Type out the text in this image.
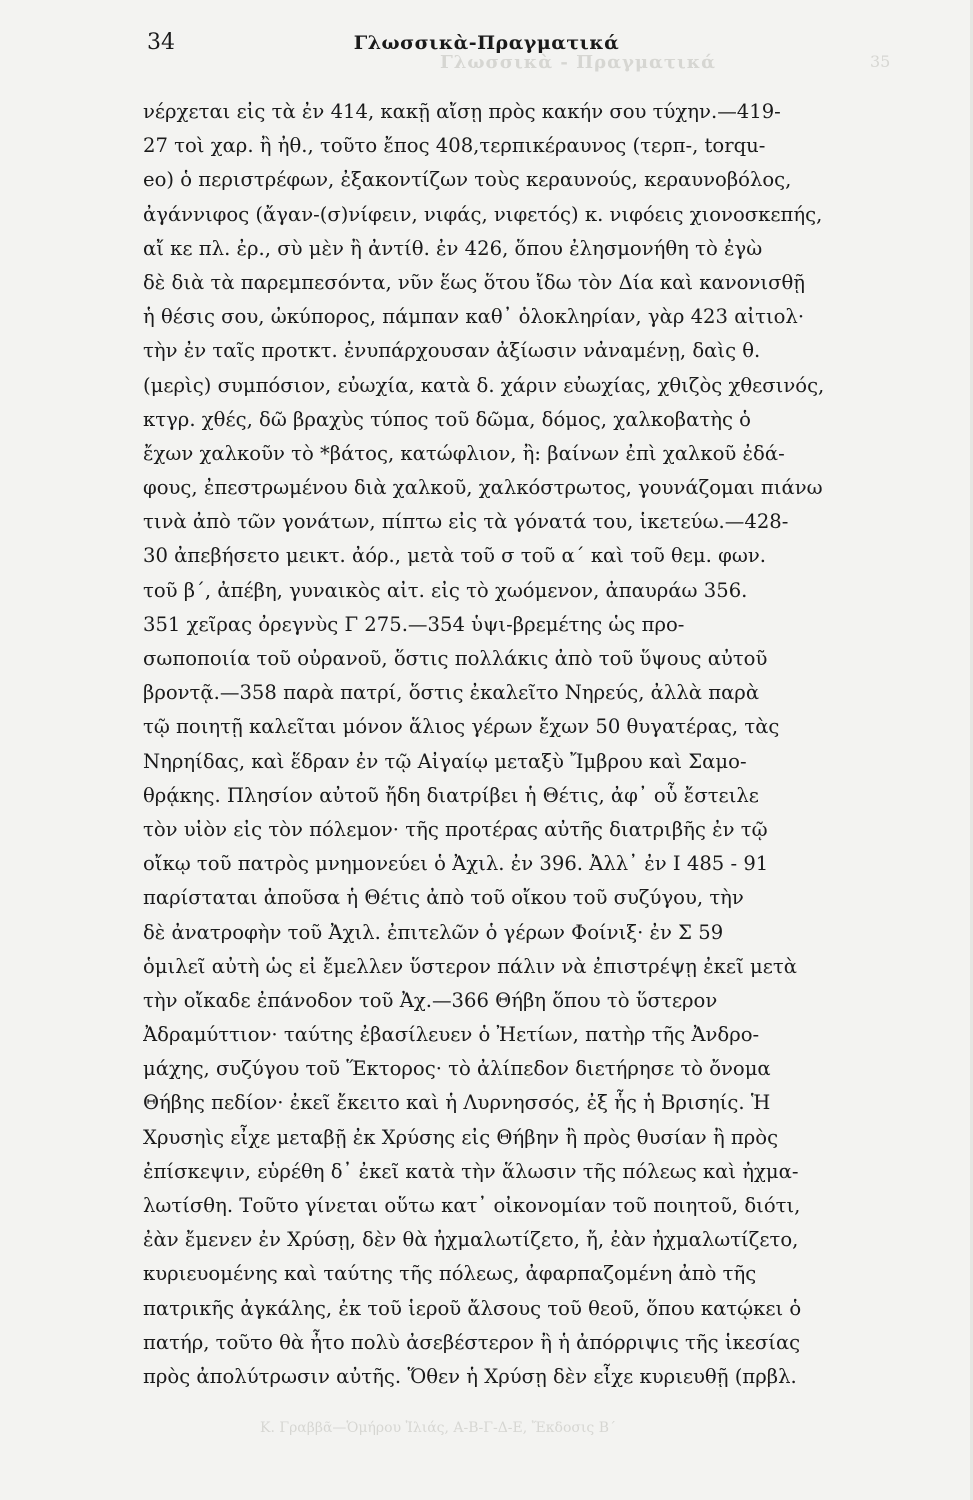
Γλωσσικὰ - Πραγματικά	35
34	Γλωσσικὰ-Πραγματικά
νέρχεται εἰς τὰ ἐν 414, κακῇ αἴσῃ πρὸς κακήν σου τύχην.—419-
27 τοὶ χαρ. ἢ ἠθ., τοῦτο ἔπος 408,τερπικέραυνος (τερπ-, torqu-
eo) ὁ περιστρέφων, ἐξακοντίζων τοὺς κεραυνούς, κεραυνοβόλος,
ἀγάννιφος (ἄγαν-(σ)νίφειν, νιφάς, νιφετός) κ. νιφόεις χιονοσκεπής,
αἴ κε πλ. ἐρ., σὺ μὲν ἢ ἀντίθ. ἐν 426, ὅπου ἐλησμονήθη τὸ ἐγὼ
δὲ διὰ τὰ παρεμπεσόντα, νῦν ἕως ὅτου ἴδω τὸν Δία καὶ κανονισθῇ
ἡ θέσις σου, ὠκύπορος, πάμπαν καθ᾽ ὁλοκληρίαν, γὰρ 423 αἰτιολ·
τὴν ἐν ταῖς προτκτ. ἐνυπάρχουσαν ἀξίωσιν νἀναμένῃ, δαὶς θ.
(μερὶς) συμπόσιον, εὐωχία, κατὰ δ. χάριν εὐωχίας, χθιζὸς χθεσινός,
κτγρ. χθές, δῶ βραχὺς τύπος τοῦ δῶμα, δόμος, χαλκοβατὴς ὁ
ἔχων χαλκοῦν τὸ *βάτος, κατώφλιον, ἢ: βαίνων ἐπὶ χαλκοῦ ἐδά-
φους, ἐπεστρωμένου διὰ χαλκοῦ, χαλκόστρωτος, γουνάζομαι πιάνω
τινὰ ἀπὸ τῶν γονάτων, πίπτω εἰς τὰ γόνατά του, ἱκετεύω.—428-
30 ἀπεβήσετο μεικτ. ἀόρ., μετὰ τοῦ σ τοῦ α΄ καὶ τοῦ θεμ. φων.
τοῦ β΄, ἀπέβη, γυναικὸς αἰτ. εἰς τὸ χωόμενον, ἀπαυράω 356.
351 χεῖρας ὀρεγνὺς Γ 275.—354 ὑψι-βρεμέτης ὡς προ-
σωποποιία τοῦ οὐρανοῦ, ὅστις πολλάκις ἀπὸ τοῦ ὕψους αὐτοῦ
βροντᾷ.—358 παρὰ πατρί, ὅστις ἐκαλεῖτο Νηρεύς, ἀλλὰ παρὰ
τῷ ποιητῇ καλεῖται μόνον ἅλιος γέρων ἔχων 50 θυγατέρας, τὰς
Νηρηίδας, καὶ ἕδραν ἐν τῷ Αἰγαίῳ μεταξὺ Ἴμβρου καὶ Σαμο-
θρᾴκης. Πλησίον αὐτοῦ ἤδη διατρίβει ἡ Θέτις, ἀφ᾽ οὗ ἔστειλε
τὸν υἱὸν εἰς τὸν πόλεμον· τῆς προτέρας αὐτῆς διατριβῆς ἐν τῷ
οἴκῳ τοῦ πατρὸς μνημονεύει ὁ Ἀχιλ. ἐν 396. Ἀλλ᾽ ἐν Ι 485 - 91
παρίσταται ἀποῦσα ἡ Θέτις ἀπὸ τοῦ οἴκου τοῦ συζύγου, τὴν
δὲ ἀνατροφὴν τοῦ Ἀχιλ. ἐπιτελῶν ὁ γέρων Φοίνιξ· ἐν Σ 59
ὁμιλεῖ αὐτὴ ὡς εἰ ἔμελλεν ὕστερον πάλιν νὰ ἐπιστρέψῃ ἐκεῖ μετὰ
τὴν οἴκαδε ἐπάνοδον τοῦ Ἀχ.—366 Θήβη ὅπου τὸ ὕστερον
Ἀδραμύττιον· ταύτης ἐβασίλευεν ὁ Ἠετίων, πατὴρ τῆς Ἀνδρο-
μάχης, συζύγου τοῦ Ἕκτορος· τὸ ἀλίπεδον διετήρησε τὸ ὄνομα
Θήβης πεδίον· ἐκεῖ ἔκειτο καὶ ἡ Λυρνησσός, ἐξ ἧς ἡ Βρισηίς. Ἡ
Χρυσηὶς εἶχε μεταβῇ ἐκ Χρύσης εἰς Θήβην ἢ πρὸς θυσίαν ἢ πρὸς
ἐπίσκεψιν, εὑρέθη δ᾽ ἐκεῖ κατὰ τὴν ἅλωσιν τῆς πόλεως καὶ ἠχμα-
λωτίσθη. Τοῦτο γίνεται οὕτω κατ᾽ οἰκονομίαν τοῦ ποιητοῦ, διότι,
ἐὰν ἔμενεν ἐν Χρύσῃ, δὲν θὰ ἠχμαλωτίζετο, ἤ, ἐὰν ἠχμαλωτίζετο,
κυριευομένης καὶ ταύτης τῆς πόλεως, ἀφαρπαζομένη ἀπὸ τῆς
πατρικῆς ἀγκάλης, ἐκ τοῦ ἱεροῦ ἄλσους τοῦ θεοῦ, ὅπου κατῴκει ὁ
πατήρ, τοῦτο θὰ ἦτο πολὺ ἀσεβέστερον ἢ ἡ ἀπόρριψις τῆς ἱκεσίας
πρὸς ἀπολύτρωσιν αὐτῆς. Ὅθεν ἡ Χρύσῃ δὲν εἶχε κυριευθῇ (πρβλ.
Κ. Γραββᾶ—Ὁμήρου Ἰλιάς, Α-Β-Γ-Δ-Ε, Ἔκδοσις Β΄
